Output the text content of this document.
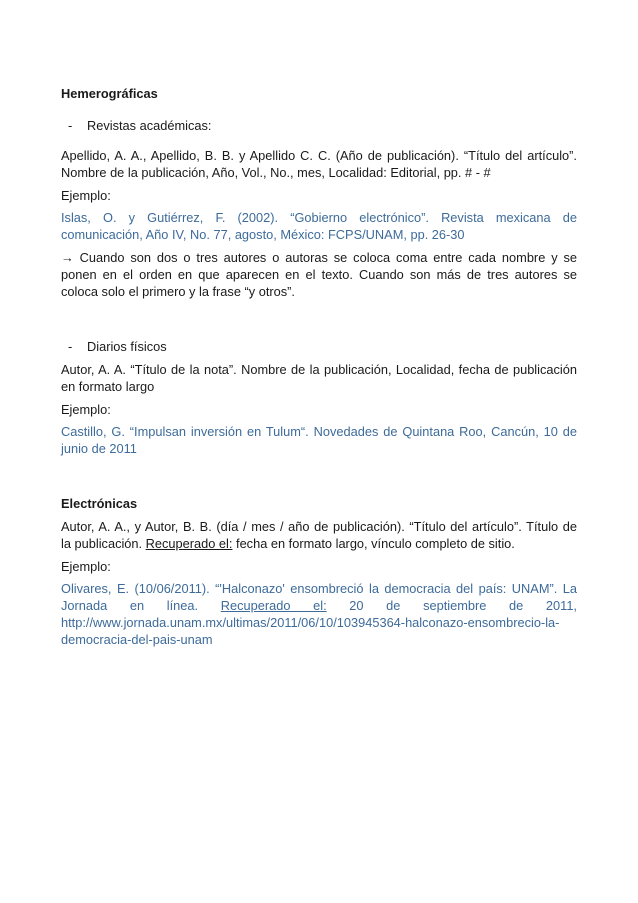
Hemerográficas
- Revistas académicas:
Apellido, A. A., Apellido, B. B. y Apellido C. C. (Año de publicación). “Título del artículo”.
Nombre de la publicación, Año, Vol., No., mes, Localidad: Editorial, pp. # - #
Ejemplo:
Islas, O. y Gutiérrez, F. (2002). “Gobierno electrónico”. Revista mexicana de
comunicación, Año IV, No. 77, agosto, México: FCPS/UNAM, pp. 26-30
→ Cuando son dos o tres autores o autoras se coloca coma entre cada nombre y se
ponen en el orden en que aparecen en el texto. Cuando son más de tres autores se
coloca solo el primero y la frase “y otros”.
- Diarios físicos
Autor, A. A. “Título de la nota”. Nombre de la publicación, Localidad, fecha de publicación
en formato largo
Ejemplo:
Castillo, G. “Impulsan inversión en Tulum“. Novedades de Quintana Roo, Cancún, 10 de
junio de 2011
Electrónicas
Autor, A. A., y Autor, B. B. (día / mes / año de publicación). “Título del artículo”. Título de
la publicación. Recuperado el: fecha en formato largo, vínculo completo de sitio.
Ejemplo:
Olivares, E. (10/06/2011). “'Halconazo' ensombreció la democracia del país: UNAM”. La
Jornada en línea. Recuperado el: 20 de septiembre de 2011,
http://www.jornada.unam.mx/ultimas/2011/06/10/103945364-halconazo-ensombrecio-la-
democracia-del-pais-unam
